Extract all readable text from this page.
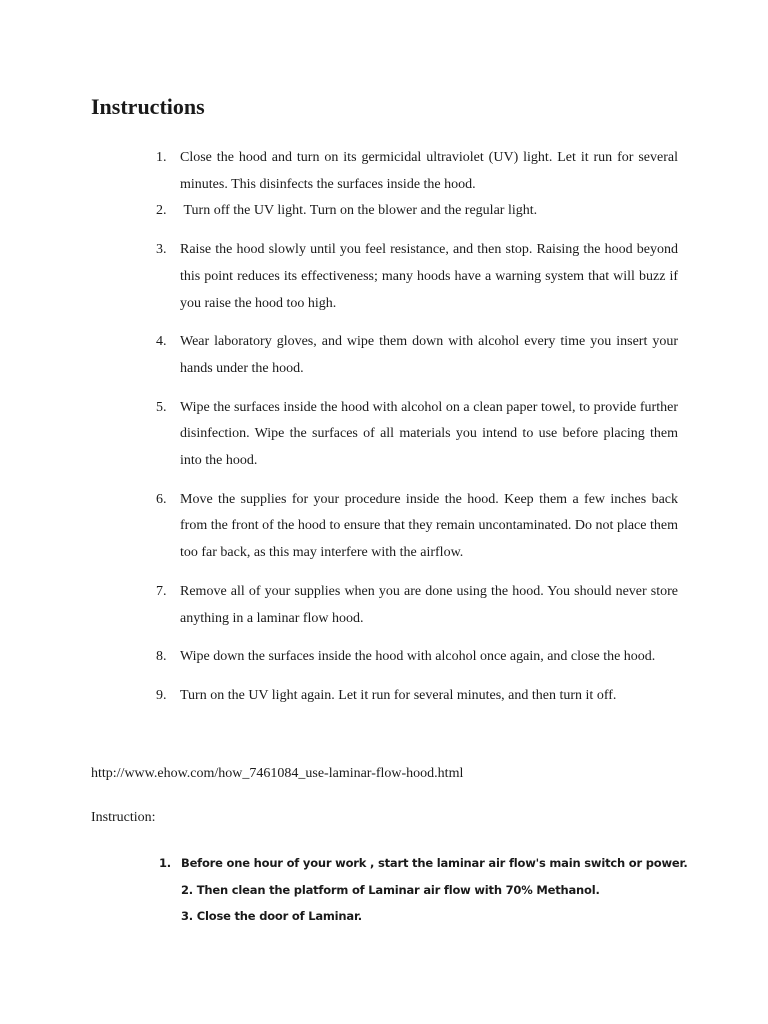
Instructions
1. Close the hood and turn on its germicidal ultraviolet (UV) light. Let it run for several minutes. This disinfects the surfaces inside the hood.
2. Turn off the UV light. Turn on the blower and the regular light.
3. Raise the hood slowly until you feel resistance, and then stop. Raising the hood beyond this point reduces its effectiveness; many hoods have a warning system that will buzz if you raise the hood too high.
4. Wear laboratory gloves, and wipe them down with alcohol every time you insert your hands under the hood.
5. Wipe the surfaces inside the hood with alcohol on a clean paper towel, to provide further disinfection. Wipe the surfaces of all materials you intend to use before placing them into the hood.
6. Move the supplies for your procedure inside the hood. Keep them a few inches back from the front of the hood to ensure that they remain uncontaminated. Do not place them too far back, as this may interfere with the airflow.
7. Remove all of your supplies when you are done using the hood. You should never store anything in a laminar flow hood.
8. Wipe down the surfaces inside the hood with alcohol once again, and close the hood.
9. Turn on the UV light again. Let it run for several minutes, and then turn it off.

http://www.ehow.com/how_7461084_use-laminar-flow-hood.html

Instruction:

1. Before one hour of your work , start the laminar air flow's main switch or power.
2. Then clean the platform of Laminar air flow with 70% Methanol.
3. Close the door of Laminar.
